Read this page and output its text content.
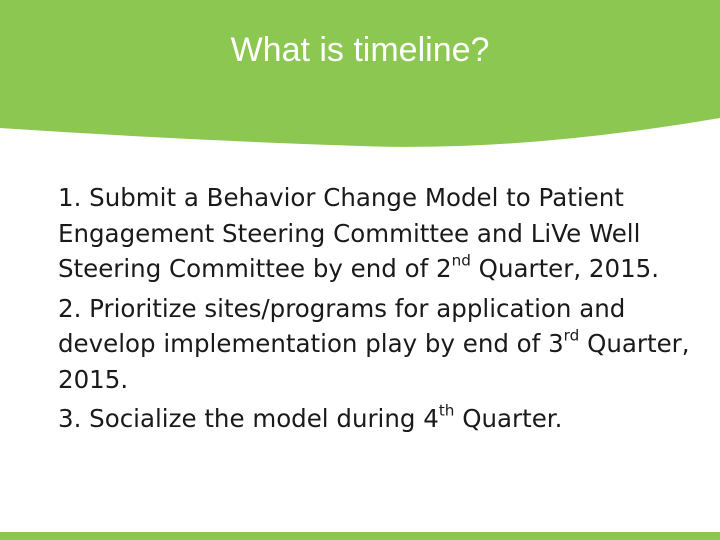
What is timeline?

1. Submit a Behavior Change Model to Patient Engagement Steering Committee and LiVe Well Steering Committee by end of 2nd Quarter, 2015.

2. Prioritize sites/programs for application and develop implementation play by end of 3rd Quarter, 2015.

3. Socialize the model during 4th Quarter.
